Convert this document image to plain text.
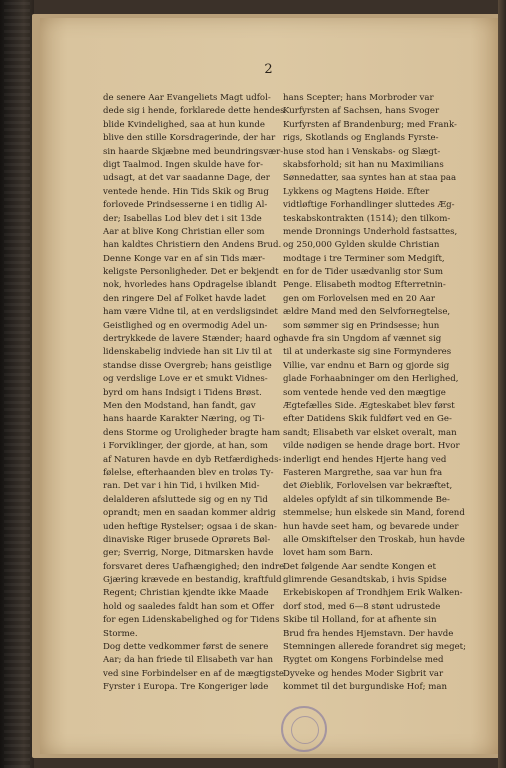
2
de senere Aar Evangeliets Magt udfol-
dede sig i hende, forklarede dette hendes
blide Kvindelighed, saa at hun kunde
blive den stille Korsdragerinde, der har
sin haarde Skjæbne med beundringsvær-
digt Taalmod. Ingen skulde have for-
udsagt, at det var saadanne Dage, der
ventede hende. Hin Tids Skik og Brug
forlovede Prindsesserne i en tidlig Al-
der; Isabellas Lod blev det i sit 13de
Aar at blive Kong Christian eller som
han kaldtes Christiern den Andens Brud.
Denne Konge var en af sin Tids mær-
keligste Personligheder. Det er bekjendt
nok, hvorledes hans Opdragelse iblandt
den ringere Del af Folket havde ladet
ham være Vidne til, at en verdsligsindet
Geistlighed og en overmodig Adel un-
dertrykkede de lavere Stænder; haard og
lidenskabelig indviede han sit Liv til at
standse disse Overgreb; hans geistlige
og verdslige Love er et smukt Vidnes-
byrd om hans Indsigt i Tidens Brøst.
Men den Modstand, han fandt, gav
hans haarde Karakter Næring, og Ti-
dens Storme og Uroligheder bragte ham
i Forviklinger, der gjorde, at han, som
af Naturen havde en dyb Retfærdigheds-
følelse, efterhaanden blev en troløs Ty-
ran. Det var i hin Tid, i hvilken Mid-
delalderen afsluttede sig og en ny Tid
oprandt; men en saadan kommer aldrig
uden heftige Rystelser; ogsaa i de skan-
dinaviske Riger brusede Oprørets Bøl-
ger; Sverrig, Norge, Ditmarsken havde
forsvaret deres Uafhængighed; den indre
Gjæring krævede en bestandig, kraftfuld
Regent; Christian kjendte ikke Maade
hold og saaledes faldt han som et Offer
for egen Lidenskabelighed og for Tidens
Storme.
Dog dette vedkommer først de senere
Aar; da han friede til Elisabeth var han
ved sine Forbindelser en af de mægtigste
Fyrster i Europa. Tre Kongeriger lødе
hans Scepter; hans Morbroder var
Kurfyrsten af Sachsen, hans Svoger
Kurfyrsten af Brandenburg; med Frank-
rigs, Skotlands og Englands Fyrste-
huse stod han i Venskabs- og Slægt-
skabsforhold; sit han nu Maximilians
Sønnedatter, saa syntes han at staa paa
Lykkens og Magtens Høide. Efter
vidtløftige Forhandlinger sluttedes Æg-
teskabskontrakten (1514); den tilkom-
mende Dronnings Underhold fastsattes,
og 250,000 Gylden skulde Christian
modtage i tre Terminer som Medgift,
en for de Tider usædvanlig stor Sum
Penge. Elisabeth modtog Efterretnin-
gen om Forlovelsen med en 20 Aar
ældre Mand med den Selvforнegtelse,
som sømmer sig en Prindsesse; hun
havde fra sin Ungdom af vænnet sig
til at underkaste sig sine Formynderes
Villie, var endnu et Barn og gjorde sig
glade Forhaabninger om den Herlighed,
som ventede hende ved den mægtige
Ægtefælles Side. Ægteskabet blev først
efter Datidens Skik fuldført ved en Ge-
sandt; Elisabeth var elsket overalt, man
vilde nødigen se hende drage bort. Hvor
inderligt end hendes Hjerte hang ved
Fasteren Margrethe, saa var hun fra
det Øieblik, Forlovelsen var bekræftet,
aldeles opfyldt af sin tilkommende Be-
stemmelse; hun elskede sin Mand, forend
hun havde seet ham, og bevarede under
alle Omskiftelser den Troskab, hun havde
lovet ham som Barn.
Det følgende Aar sendte Kongen et
glimrende Gesandtskab, i hvis Spidse
Erkebiskopen af Trondhjem Erik Walken-
dorf stod, med 6—8 stønt udrustede
Skibe til Holland, for at afhente sin
Brud fra hendes Hjemstavn. Der havde
Stemningen allerede forandret sig meget;
Rygtet om Kongens Forbindelse med
Dyveke og hendes Moder Sigbrit var
kommet til det burgundiske Hof; man
